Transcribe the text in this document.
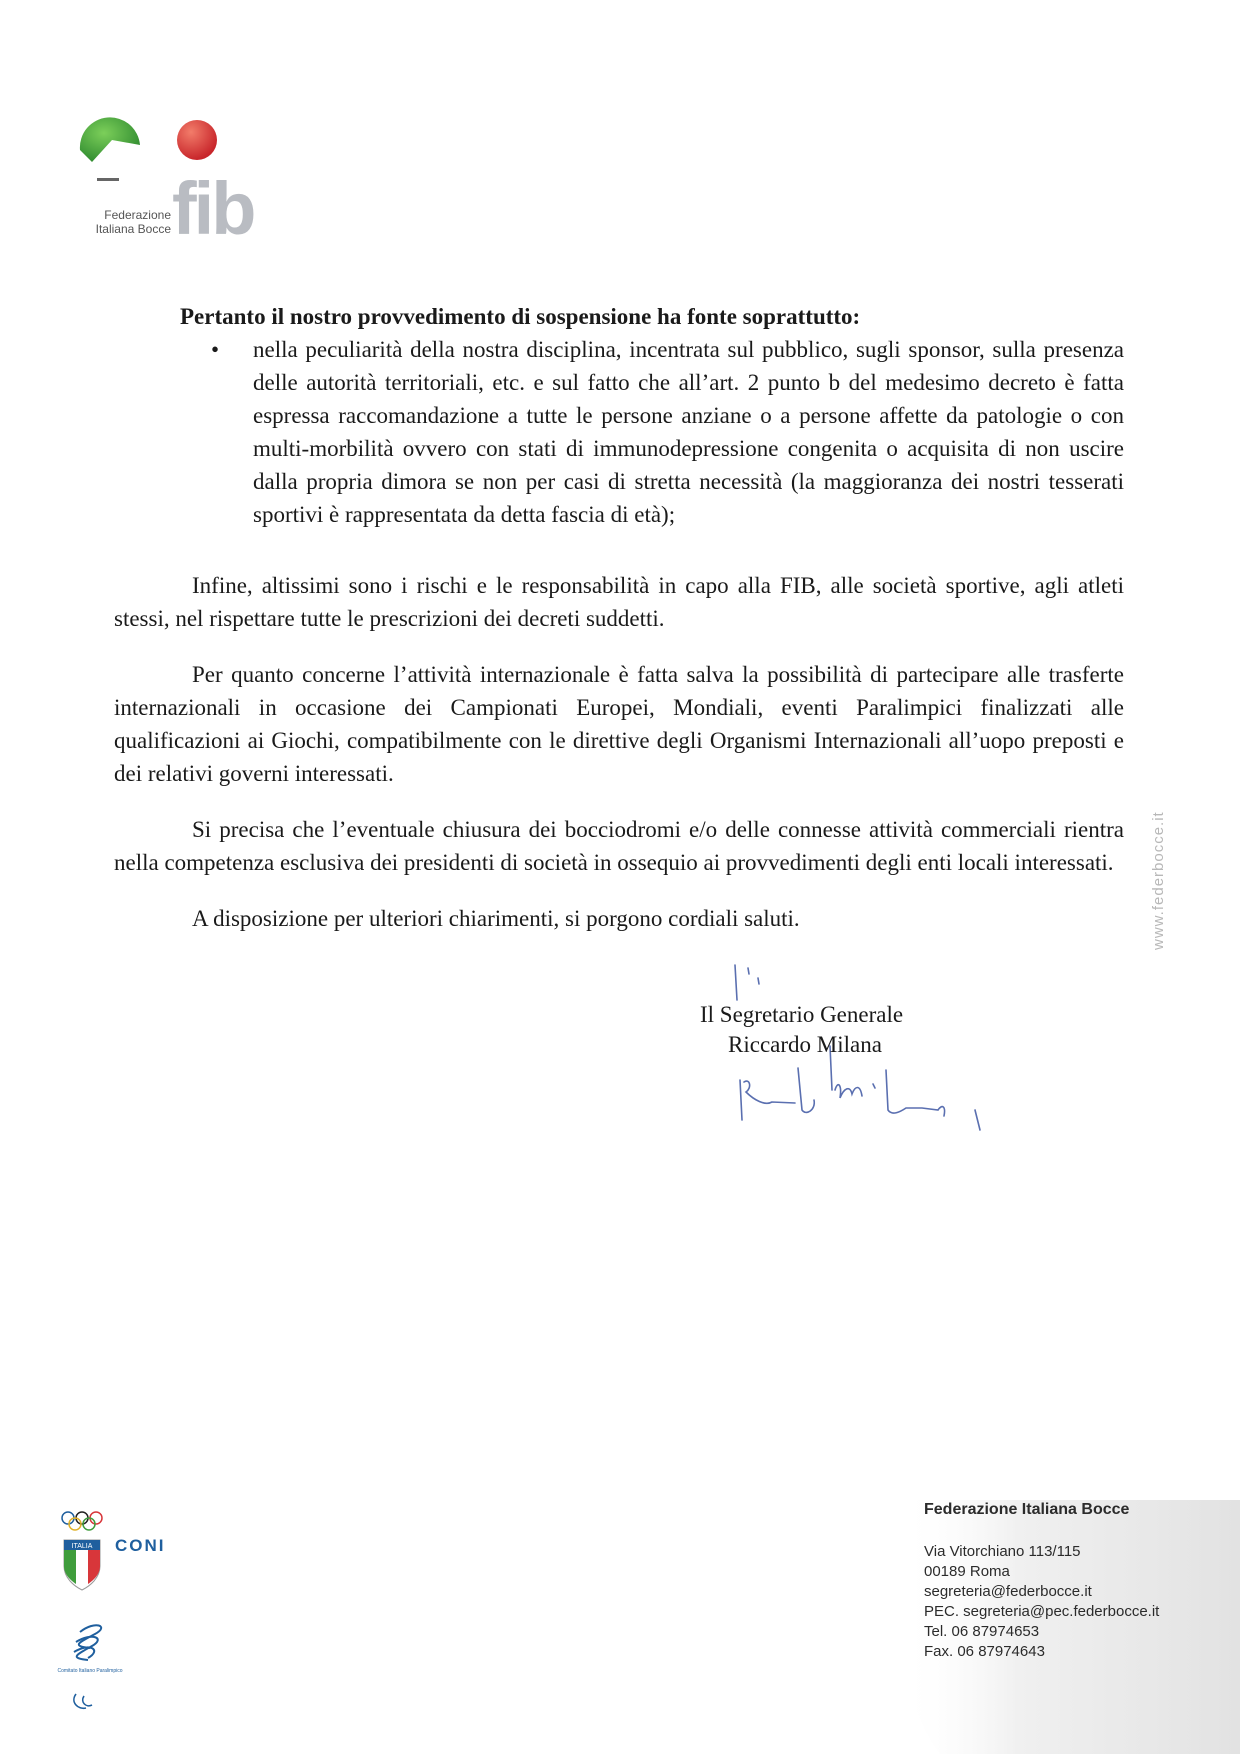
Federazione
Italiana Bocce fib

Pertanto il nostro provvedimento di sospensione ha fonte soprattutto:

• nella peculiarità della nostra disciplina, incentrata sul pubblico, sugli sponsor, sulla presenza delle autorità territoriali, etc. e sul fatto che all’art. 2 punto b del medesimo decreto è fatta espressa raccomandazione a tutte le persone anziane o a persone affette da patologie o con multi-morbilità ovvero con stati di immunodepressione congenita o acquisita di non uscire dalla propria dimora se non per casi di stretta necessità (la maggioranza dei nostri tesserati sportivi è rappresentata da detta fascia di età);

Infine, altissimi sono i rischi e le responsabilità in capo alla FIB, alle società sportive, agli atleti stessi, nel rispettare tutte le prescrizioni dei decreti suddetti.

Per quanto concerne l’attività internazionale è fatta salva la possibilità di partecipare alle trasferte internazionali in occasione dei Campionati Europei, Mondiali, eventi Paralimpici finalizzati alle qualificazioni ai Giochi, compatibilmente con le direttive degli Organismi Internazionali all’uopo preposti e dei relativi governi interessati.

Si precisa che l’eventuale chiusura dei bocciodromi e/o delle connesse attività commerciali rientra nella competenza esclusiva dei presidenti di società in ossequio ai provvedimenti degli enti locali interessati.

A disposizione per ulteriori chiarimenti, si porgono cordiali saluti.

Il Segretario Generale
Riccardo Milana
www.federbocce.it
ITALIA CONI
Comitato Italiano Paralimpico

Federazione Italiana Bocce

Via Vitorchiano 113/115

00189 Roma

segreteria@federbocce.it

PEC. segreteria@pec.federbocce.it

Tel. 06 87974653

Fax. 06 87974643
